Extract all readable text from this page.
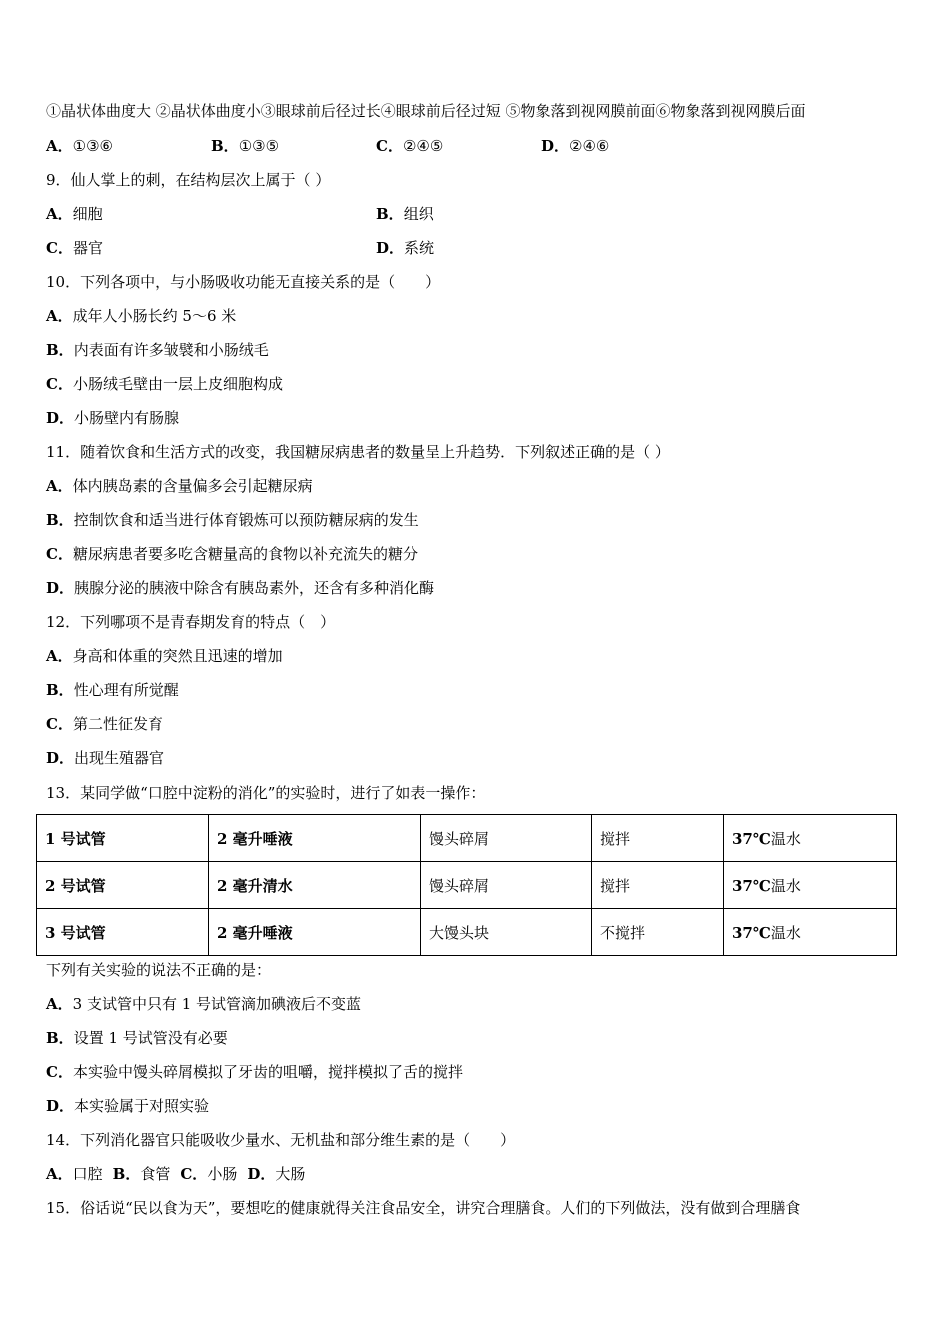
①晶状体曲度大 ②晶状体曲度小③眼球前后径过长④眼球前后径过短 ⑤物象落到视网膜前面⑥物象落到视网膜后面
A．①③⑥	B．①③⑤	C．②④⑤	D．②④⑥
9．仙人掌上的刺，在结构层次上属于（ ）
A．细胞	B．组织
C．器官	D．系统
10．下列各项中，与小肠吸收功能无直接关系的是（　　）
A．成年人小肠长约 5～6 米
B．内表面有许多皱襞和小肠绒毛
C．小肠绒毛壁由一层上皮细胞构成
D．小肠壁内有肠腺
11．随着饮食和生活方式的改变，我国糖尿病患者的数量呈上升趋势．下列叙述正确的是（ ）
A．体内胰岛素的含量偏多会引起糖尿病
B．控制饮食和适当进行体育锻炼可以预防糖尿病的发生
C．糖尿病患者要多吃含糖量高的食物以补充流失的糖分
D．胰腺分泌的胰液中除含有胰岛素外，还含有多种消化酶
12．下列哪项不是青春期发育的特点（　）
A．身高和体重的突然且迅速的增加
B．性心理有所觉醒
C．第二性征发育
D．出现生殖器官
13．某同学做“口腔中淀粉的消化”的实验时，进行了如表一操作：
1 号试管	2 毫升唾液	馒头碎屑	搅拌	37℃温水
2 号试管	2 毫升清水	馒头碎屑	搅拌	37℃温水
3 号试管	2 毫升唾液	大馒头块	不搅拌	37℃温水
下列有关实验的说法不正确的是：
A．3 支试管中只有 1 号试管滴加碘液后不变蓝
B．设置 1 号试管没有必要
C．本实验中馒头碎屑模拟了牙齿的咀嚼，搅拌模拟了舌的搅拌
D．本实验属于对照实验
14．下列消化器官只能吸收少量水、无机盐和部分维生素的是（　　）
A．口腔 B．食管 C．小肠 D．大肠
15．俗话说“民以食为天”，要想吃的健康就得关注食品安全，讲究合理膳食。人们的下列做法，没有做到合理膳食
